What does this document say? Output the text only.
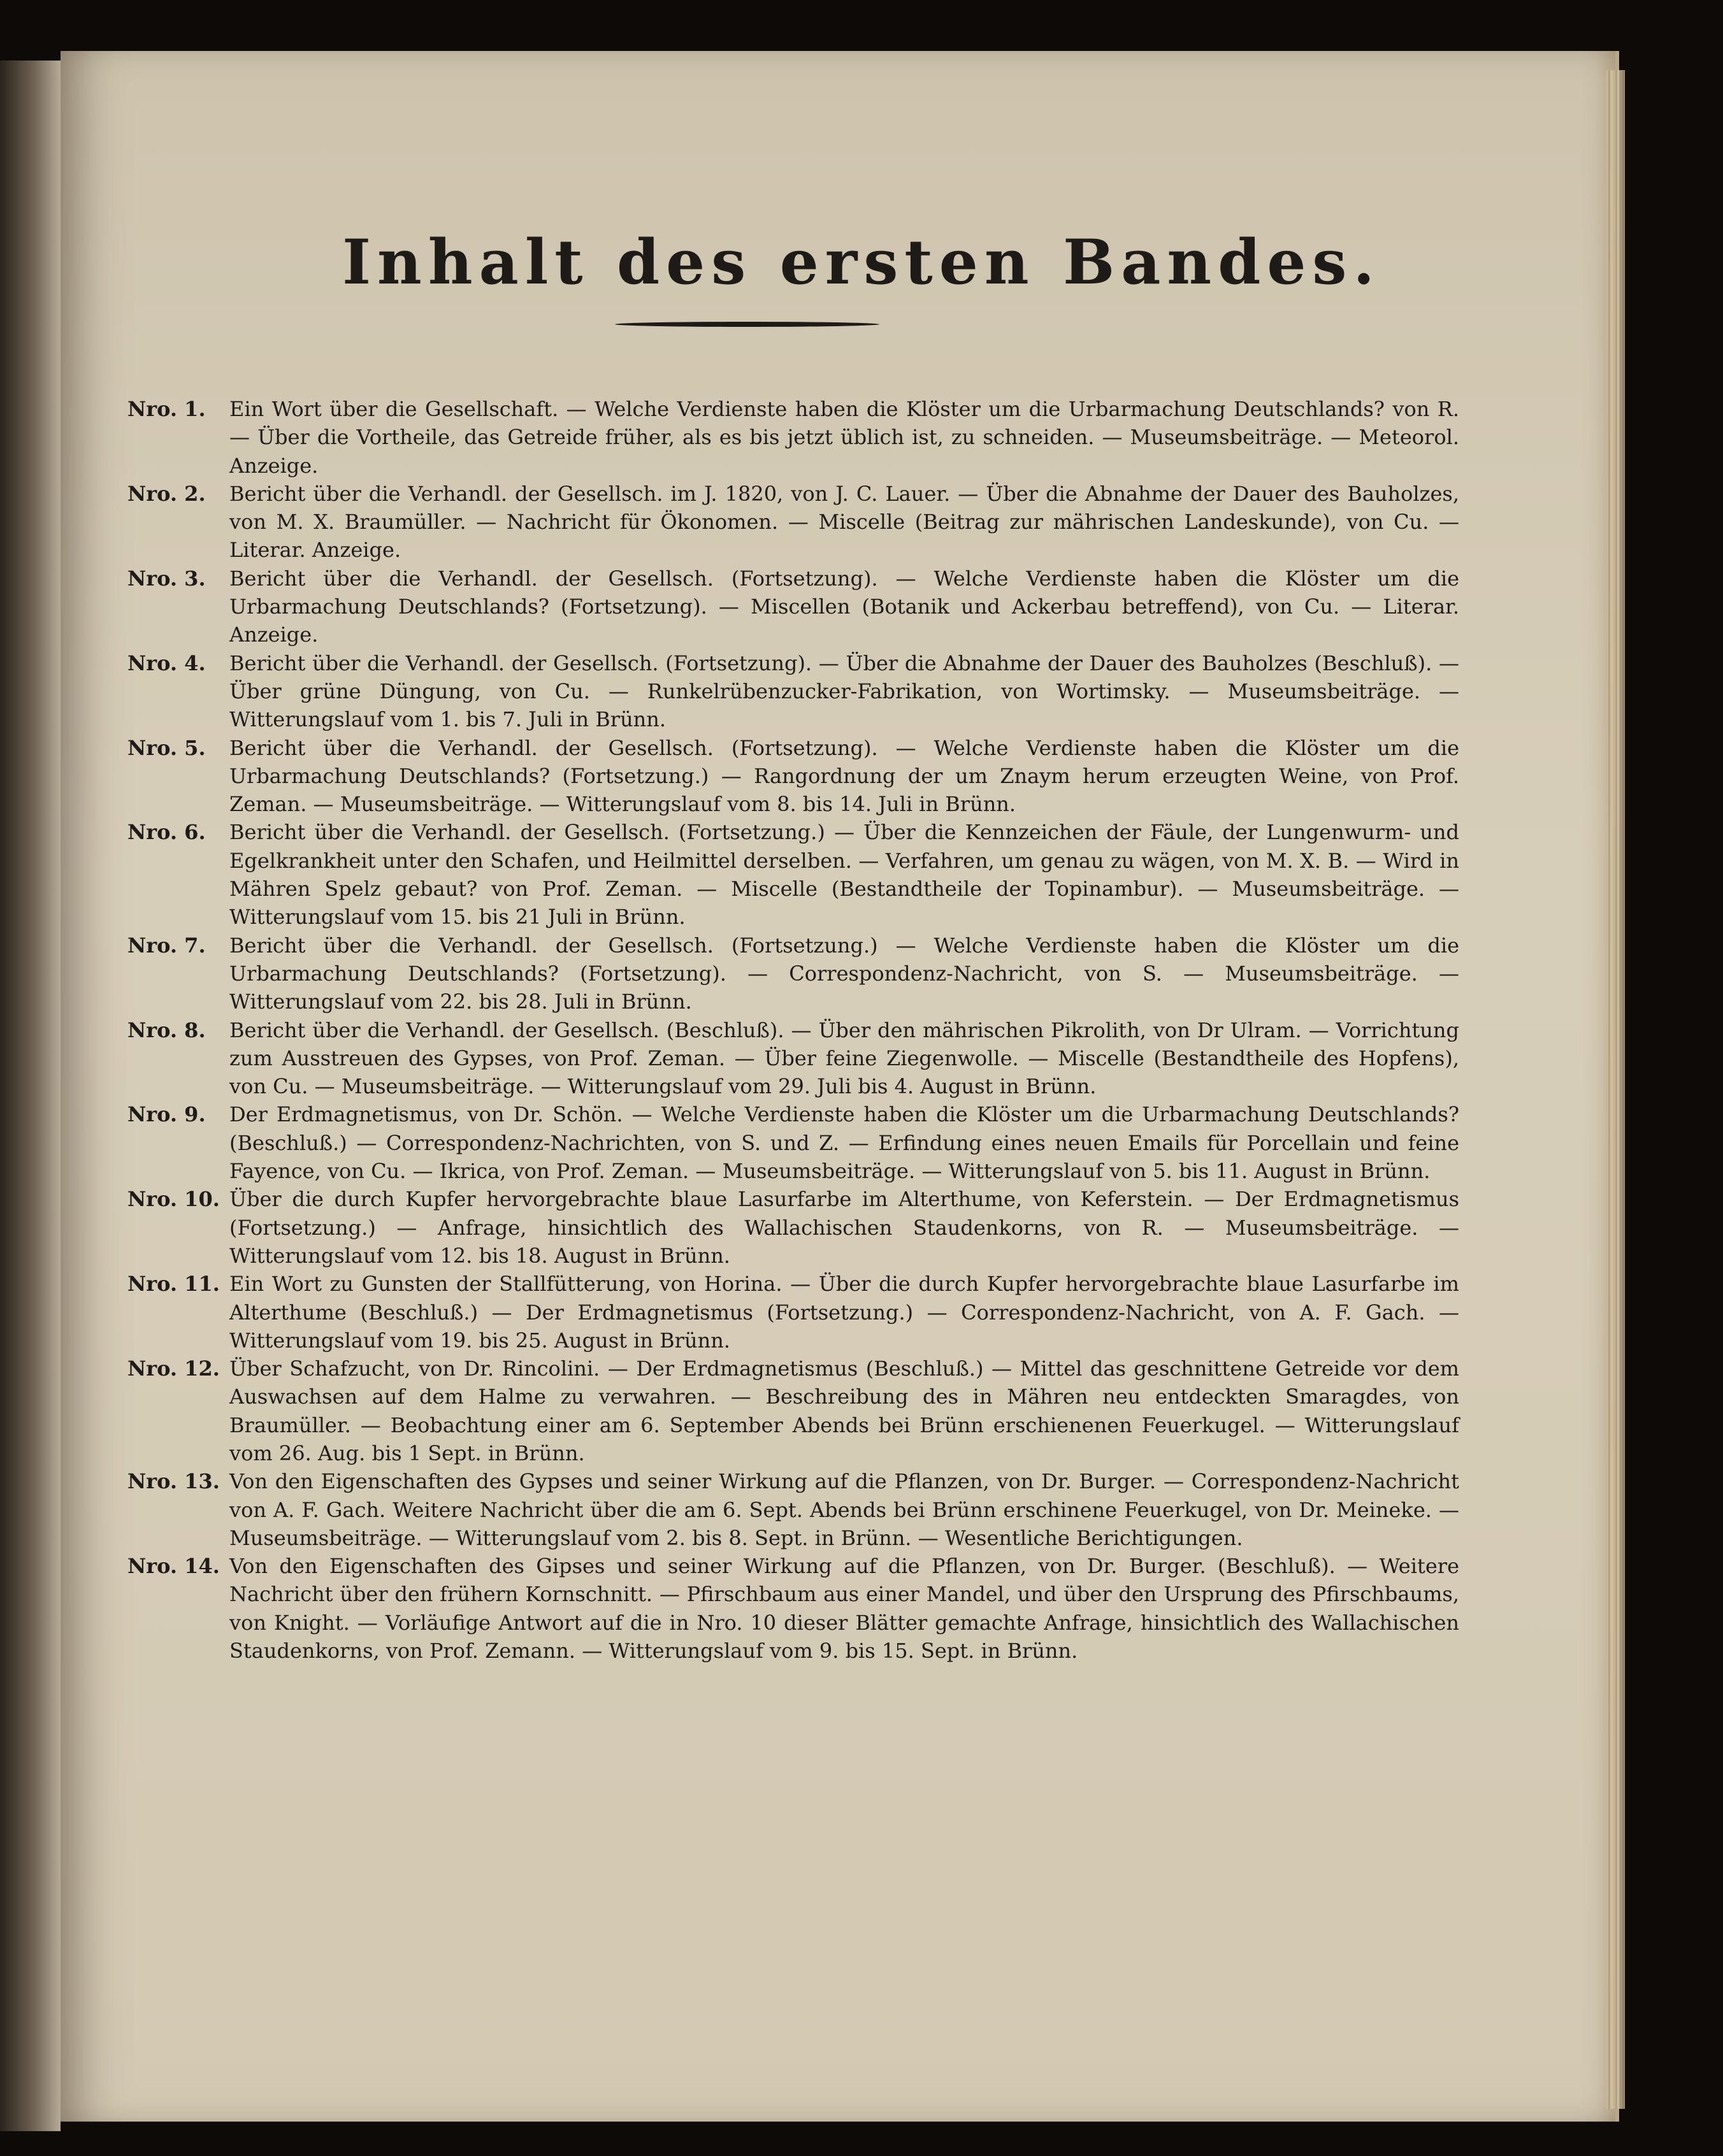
Inhalt des ersten Bandes.
Nro. 1.	Ein Wort über die Gesellschaft. — Welche Verdienste haben die Klöster um die Urbarmachung Deutschlands? von R. — Über die Vortheile, das Getreide früher, als es bis jetzt üblich ist, zu schneiden. — Museumsbeiträge. — Meteorol. Anzeige.
Nro. 2.	Bericht über die Verhandl. der Gesellsch. im J. 1820, von J. C. Lauer. — Über die Abnahme der Dauer des Bauholzes, von M. X. Braumüller. — Nachricht für Ökonomen. — Miscelle (Beitrag zur mährischen Landeskunde), von Cu. — Literar. Anzeige.
Nro. 3.	Bericht über die Verhandl. der Gesellsch. (Fortsetzung). — Welche Verdienste haben die Klöster um die Urbarmachung Deutschlands? (Fortsetzung). — Miscellen (Botanik und Ackerbau betreffend), von Cu. — Literar. Anzeige.
Nro. 4.	Bericht über die Verhandl. der Gesellsch. (Fortsetzung). — Über die Abnahme der Dauer des Bauholzes (Beschluß). — Über grüne Düngung, von Cu. — Runkelrübenzucker-Fabrikation, von Wortimsky. — Museumsbeiträge. — Witterungslauf vom 1. bis 7. Juli in Brünn.
Nro. 5.	Bericht über die Verhandl. der Gesellsch. (Fortsetzung). — Welche Verdienste haben die Klöster um die Urbarmachung Deutschlands? (Fortsetzung.) — Rangordnung der um Znaym herum erzeugten Weine, von Prof. Zeman. — Museumsbeiträge. — Witterungslauf vom 8. bis 14. Juli in Brünn.
Nro. 6.	Bericht über die Verhandl. der Gesellsch. (Fortsetzung.) — Über die Kennzeichen der Fäule, der Lungenwurm- und Egelkrankheit unter den Schafen, und Heilmittel derselben. — Verfahren, um genau zu wägen, von M. X. B. — Wird in Mähren Spelz gebaut? von Prof. Zeman. — Miscelle (Bestandtheile der Topinambur). — Museumsbeiträge. — Witterungslauf vom 15. bis 21 Juli in Brünn.
Nro. 7.	Bericht über die Verhandl. der Gesellsch. (Fortsetzung.) — Welche Verdienste haben die Klöster um die Urbarmachung Deutschlands? (Fortsetzung). — Correspondenz-Nachricht, von S. — Museumsbeiträge. — Witterungslauf vom 22. bis 28. Juli in Brünn.
Nro. 8.	Bericht über die Verhandl. der Gesellsch. (Beschluß). — Über den mährischen Pikrolith, von Dr Ulram. — Vorrichtung zum Ausstreuen des Gypses, von Prof. Zeman. — Über feine Ziegenwolle. — Miscelle (Bestandtheile des Hopfens), von Cu. — Museumsbeiträge. — Witterungslauf vom 29. Juli bis 4. August in Brünn.
Nro. 9.	Der Erdmagnetismus, von Dr. Schön. — Welche Verdienste haben die Klöster um die Urbarmachung Deutschlands? (Beschluß.) — Correspondenz-Nachrichten, von S. und Z. — Erfindung eines neuen Emails für Porcellain und feine Fayence, von Cu. — Ikrica, von Prof. Zeman. — Museumsbeiträge. — Witterungslauf von 5. bis 11. August in Brünn.
Nro. 10. Über die durch Kupfer hervorgebrachte blaue Lasurfarbe im Alterthume, von Keferstein. — Der Erdmagnetismus (Fortsetzung.) — Anfrage, hinsichtlich des Wallachischen Staudenkorns, von R. — Museumsbeiträge. — Witterungslauf vom 12. bis 18. August in Brünn.
Nro. 11. Ein Wort zu Gunsten der Stallfütterung, von Horina. — Über die durch Kupfer hervorgebrachte blaue Lasurfarbe im Alterthume (Beschluß.) — Der Erdmagnetismus (Fortsetzung.) — Correspondenz-Nachricht, von A. F. Gach. — Witterungslauf vom 19. bis 25. August in Brünn.
Nro. 12. Über Schafzucht, von Dr. Rincolini. — Der Erdmagnetismus (Beschluß.) — Mittel das geschnittene Getreide vor dem Auswachsen auf dem Halme zu verwahren. — Beschreibung des in Mähren neu entdeckten Smaragdes, von Braumüller. — Beobachtung einer am 6. September Abends bei Brünn erschienenen Feuerkugel. — Witterungslauf vom 26. Aug. bis 1 Sept. in Brünn.
Nro. 13. Von den Eigenschaften des Gypses und seiner Wirkung auf die Pflanzen, von Dr. Burger. — Correspondenz-Nachricht von A. F. Gach. Weitere Nachricht über die am 6. Sept. Abends bei Brünn erschinene Feuerkugel, von Dr. Meineke. — Museumsbeiträge. — Witterungslauf vom 2. bis 8. Sept. in Brünn. — Wesentliche Berichtigungen.
Nro. 14. Von den Eigenschaften des Gipses und seiner Wirkung auf die Pflanzen, von Dr. Burger. (Beschluß). — Weitere Nachricht über den frühern Kornschnitt. — Pfirschbaum aus einer Mandel, und über den Ursprung des Pfirschbaums, von Knight. — Vorläufige Antwort auf die in Nro. 10 dieser Blätter gemachte Anfrage, hinsichtlich des Wallachischen Staudenkorns, von Prof. Zemann. — Witterungslauf vom 9. bis 15. Sept. in Brünn.
